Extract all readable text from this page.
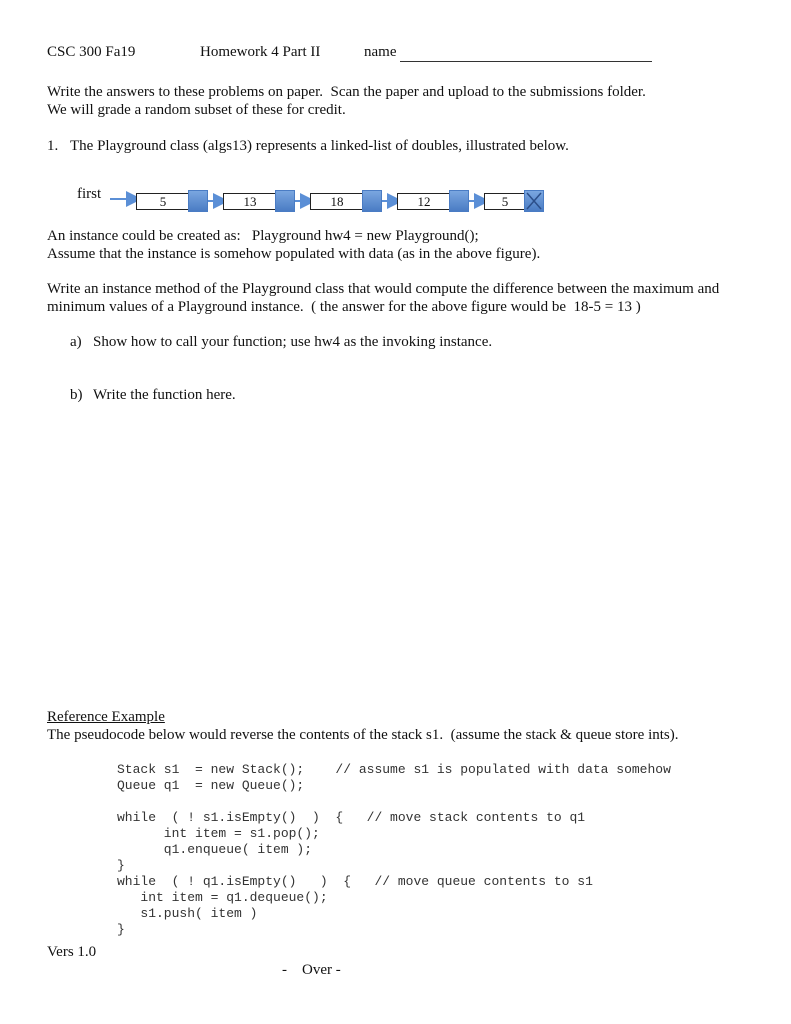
CSC 300 Fa19	Homework 4 Part II	name
Write the answers to these problems on paper.  Scan the paper and upload to the submissions folder.
We will grade a random subset of these for credit.
1. The Playground class (algs13) represents a linked-list of doubles, illustrated below.
first	5	13	18	12	5
An instance could be created as:   Playground hw4 = new Playground();
Assume that the instance is somehow populated with data (as in the above figure).
Write an instance method of the Playground class that would compute the difference between the maximum and
minimum values of a Playground instance.  ( the answer for the above figure would be  18-5 = 13 )
a) Show how to call your function; use hw4 as the invoking instance.
b) Write the function here.
Reference Example
The pseudocode below would reverse the contents of the stack s1.  (assume the stack & queue store ints).
Stack s1  = new Stack();    // assume s1 is populated with data somehow
Queue q1  = new Queue();
while  ( ! s1.isEmpty()  )  {   // move stack contents to q1
int item = s1.pop();
q1.enqueue( item );
}
while  ( ! q1.isEmpty()   )  {   // move queue contents to s1
int item = q1.dequeue();
s1.push( item )
}
Vers 1.0
-    Over -
